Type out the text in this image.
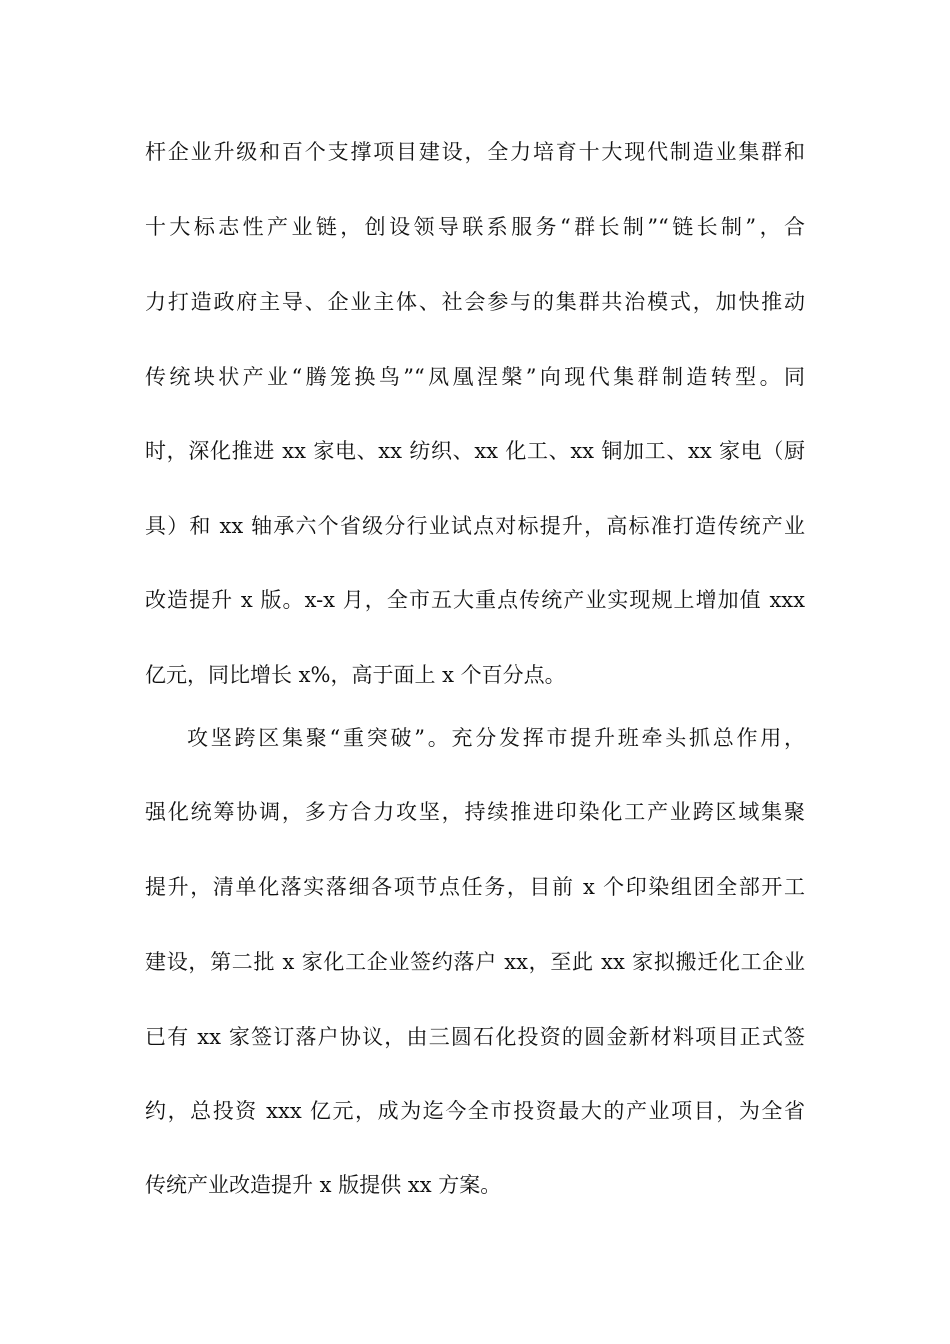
杆企业升级和百个支撑项目建设，全力培育十大现代制造业集群和
十大标志性产业链，创设领导联系服务“群长制”“链长制”，合
力打造政府主导、企业主体、社会参与的集群共治模式，加快推动
传统块状产业“腾笼换鸟”“凤凰涅槃”向现代集群制造转型。同
时，深化推进 xx 家电、xx 纺织、xx 化工、xx 铜加工、xx 家电（厨
具）和 xx 轴承六个省级分行业试点对标提升，高标准打造传统产业
改造提升 x 版。x-x 月，全市五大重点传统产业实现规上增加值 xxx
亿元，同比增长 x%，高于面上 x 个百分点。
攻坚跨区集聚“重突破”。充分发挥市提升班牵头抓总作用，
强化统筹协调，多方合力攻坚，持续推进印染化工产业跨区域集聚
提升，清单化落实落细各项节点任务，目前 x 个印染组团全部开工
建设，第二批 x 家化工企业签约落户 xx，至此 xx 家拟搬迁化工企业
已有 xx 家签订落户协议，由三圆石化投资的圆金新材料项目正式签
约，总投资 xxx 亿元，成为迄今全市投资最大的产业项目，为全省
传统产业改造提升 x 版提供 xx 方案。
